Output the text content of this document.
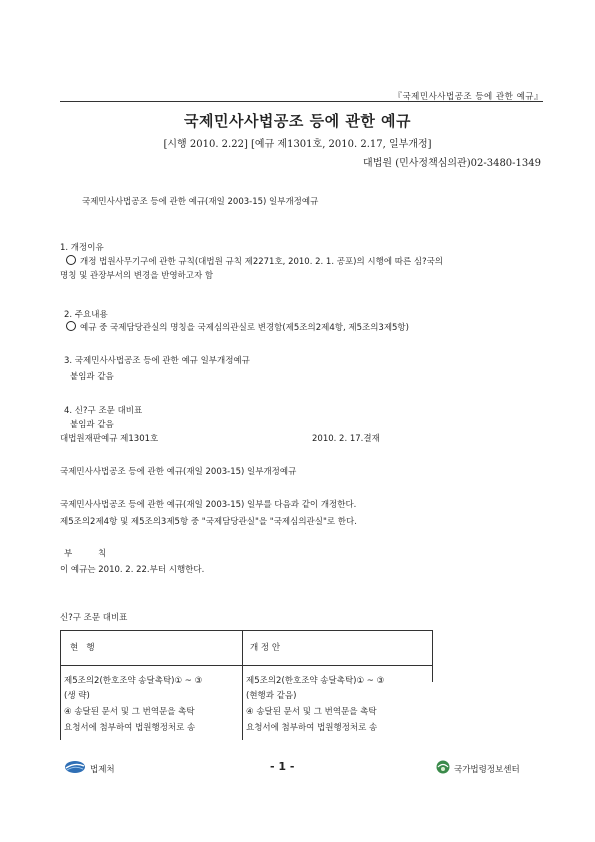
『국제민사사법공조 등에 관한 예규』
국제민사사법공조 등에 관한 예규
[시행 2010. 2.22] [예규 제1301호, 2010. 2.17, 일부개정]
대법원 (민사정책심의관)02-3480-1349
국제민사사법공조 등에 관한 예규(재일 2003-15) 일부개정예규
1. 개정이유
개정 법원사무기구에 관한 규칙(대법원 규칙 제2271호, 2010. 2. 1. 공포)의 시행에 따른 심?국의
명칭 및 관장부서의 변경을 반영하고자 함
2. 주요내용
예규 중 국제담당관실의 명칭을 국제심의관실로 변경함(제5조의2제4항, 제5조의3제5항)
3. 국제민사사법공조 등에 관한 예규 일부개정예규
붙임과 같음
4. 신?구 조문 대비표
붙임과 같음
대법원재판예규 제1301호	2010. 2. 17.결재
국제민사사법공조 등에 관한 예규(재일 2003-15) 일부개정예규
국제민사사법공조 등에 관한 예규(재일 2003-15) 일부를 다음과 같이 개정한다.
제5조의2제4항 및 제5조의3제5항 중 "국제담당관실"을 "국제심의관실"로 한다.
부	칙
이 예규는 2010. 2. 22.부터 시행한다.
신?구 조문 대비표
현   행	개 정 안
제5조의2(한호조약 송달촉탁)① ~ ③	제5조의2(한호조약 송달촉탁)① ~ ③
(생 략)	(현행과 같음)
④ 송달된 문서 및 그 번역문을 촉탁	④ 송달된 문서 및 그 번역문을 촉탁
요청서에 첨부하여 법원행정처로 송	요청서에 첨부하여 법원행정처로 송
법제처	- 1 -	국가법령정보센터
